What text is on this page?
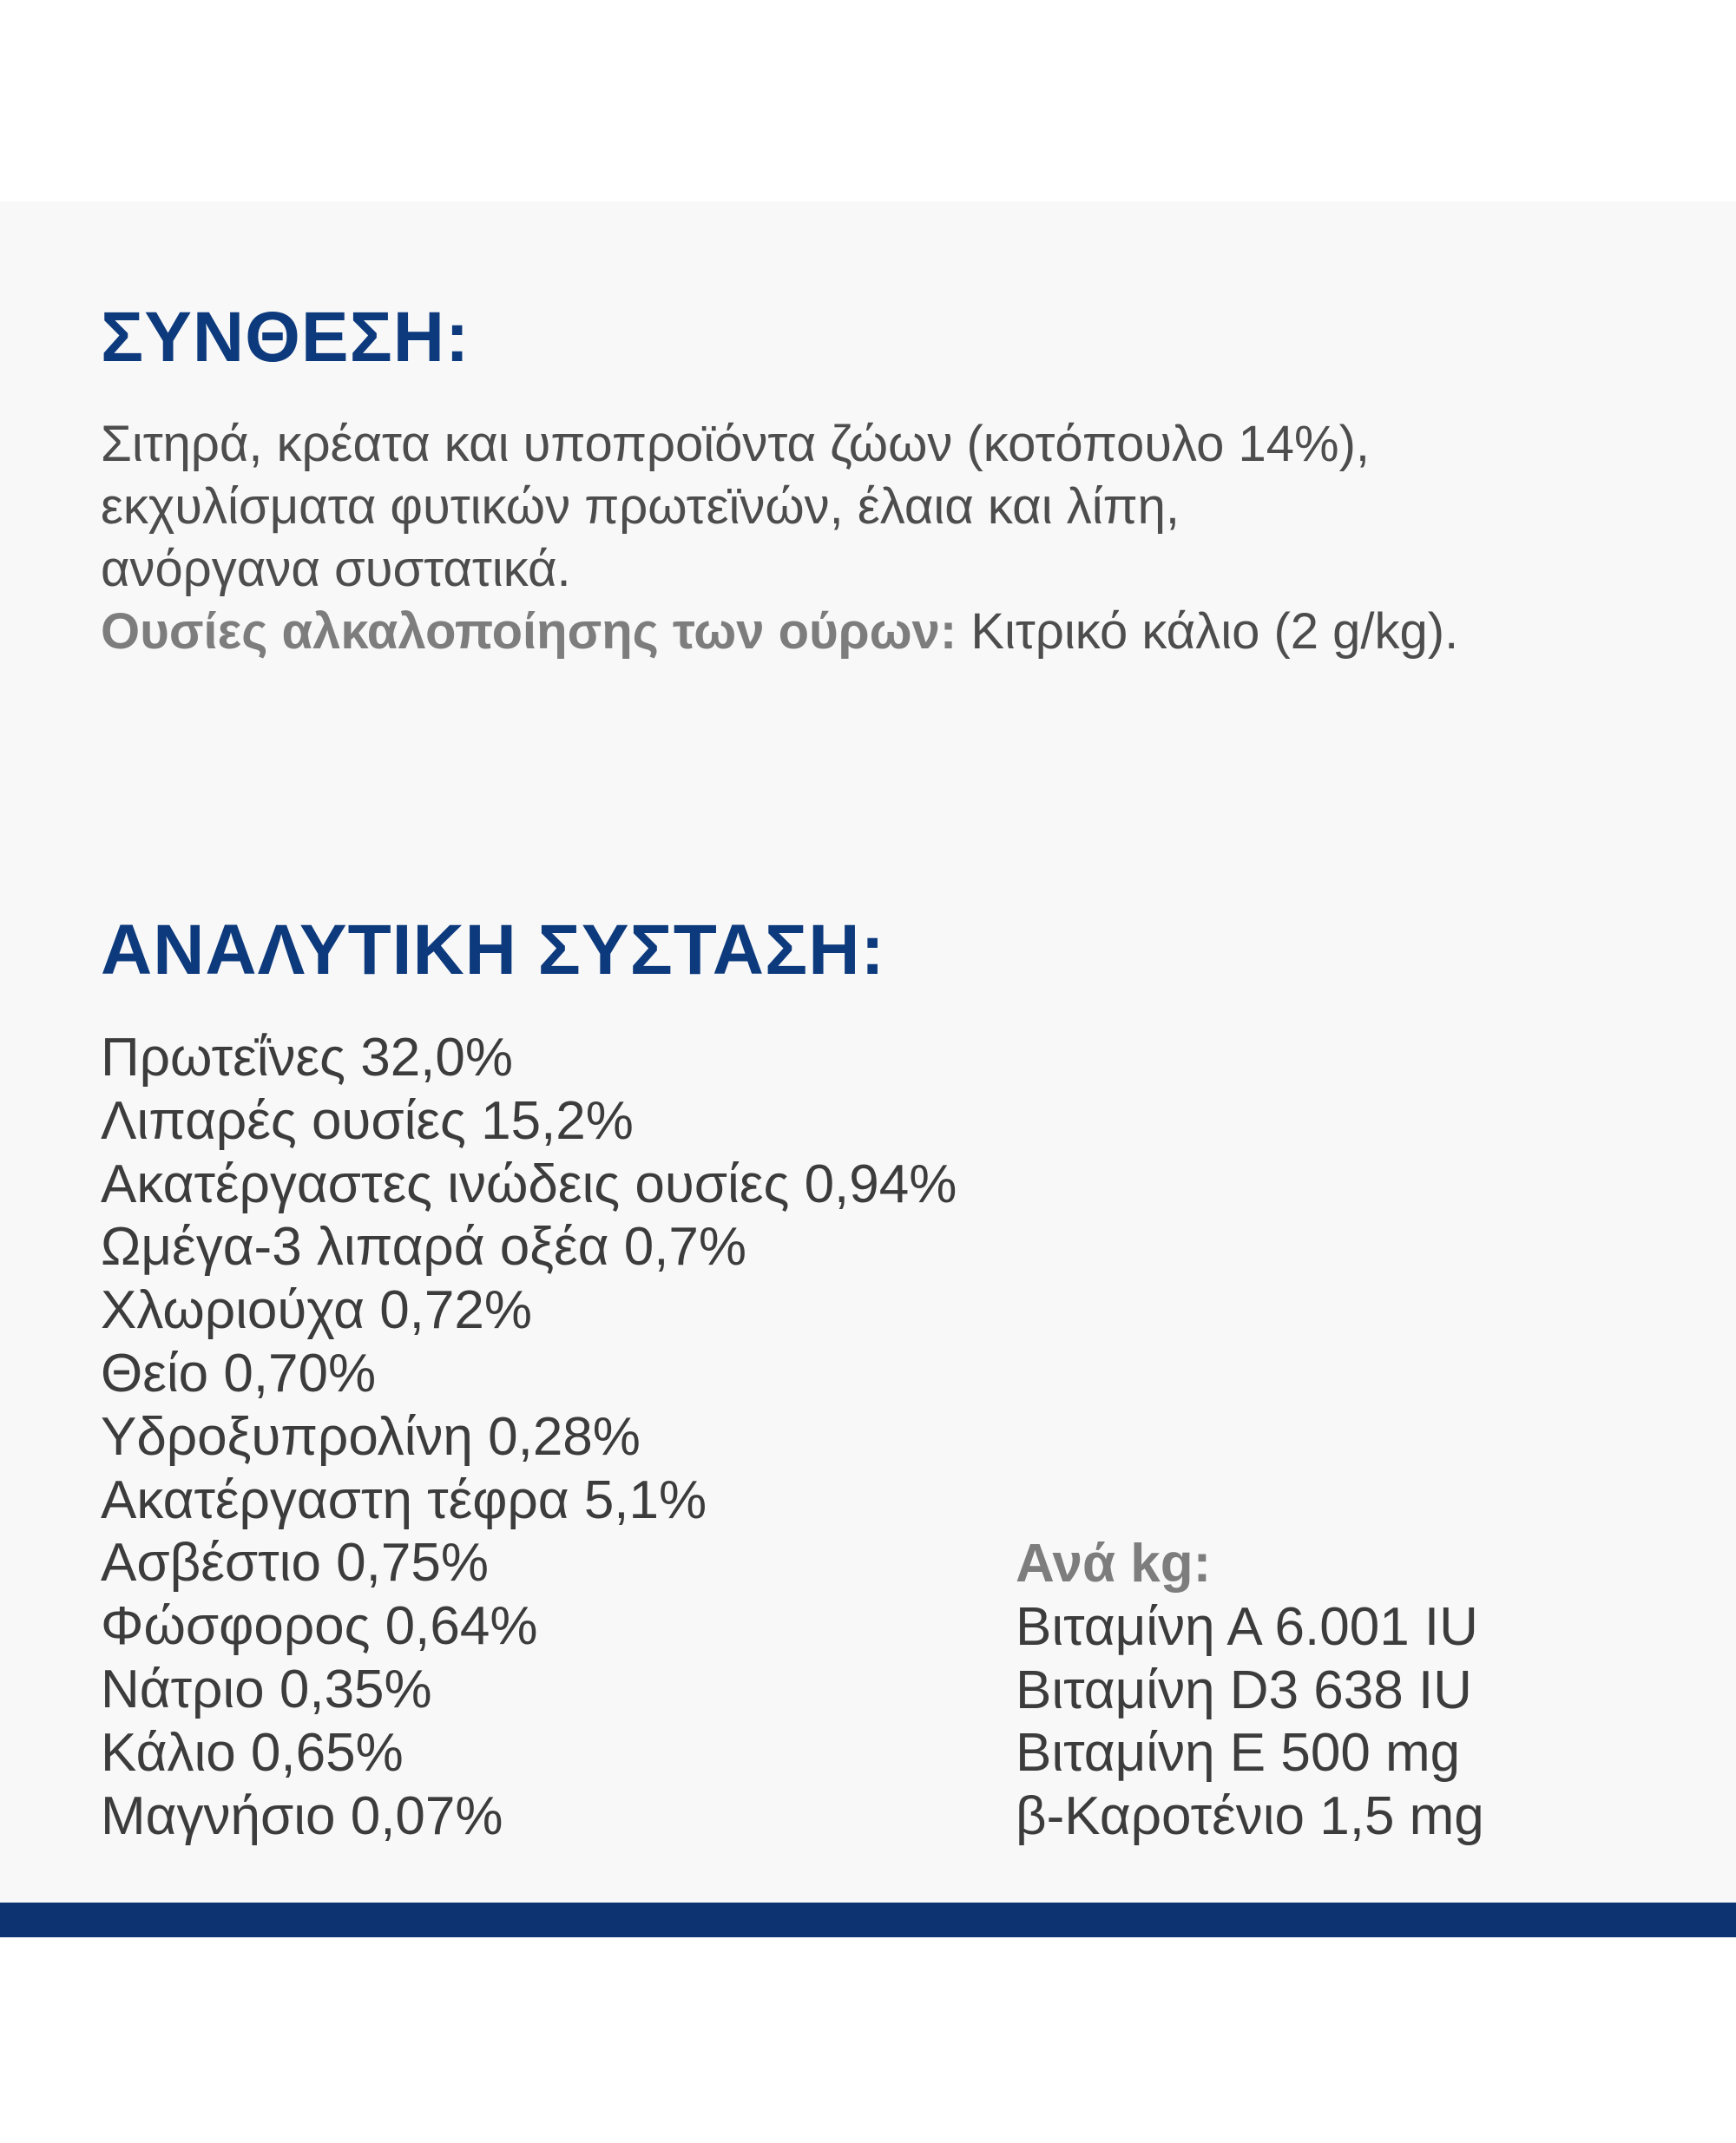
ΣΥΝΘΕΣΗ:
Σιτηρά, κρέατα και υποπροϊόντα ζώων (κοτόπουλο 14%),
εκχυλίσματα φυτικών πρωτεϊνών, έλαια και λίπη,
ανόργανα συστατικά.
Ουσίες αλκαλοποίησης των ούρων: Κιτρικό κάλιο (2 g/kg).
ΑΝΑΛΥΤΙΚΗ ΣΥΣΤΑΣΗ:
Πρωτεΐνες 32,0%
Λιπαρές ουσίες 15,2%
Ακατέργαστες ινώδεις ουσίες 0,94%
Ωμέγα-3 λιπαρά οξέα 0,7%
Χλωριούχα 0,72%
Θείο 0,70%
Υδροξυπρολίνη 0,28%
Ακατέργαστη τέφρα 5,1%
Ασβέστιο 0,75%
Φώσφορος 0,64%
Νάτριο 0,35%
Κάλιο 0,65%
Μαγνήσιο 0,07%
Ανά kg:
Βιταμίνη Α 6.001 IU
Βιταμίνη D3 638 IU
Βιταμίνη Ε 500 mg
β-Καροτένιο 1,5 mg
